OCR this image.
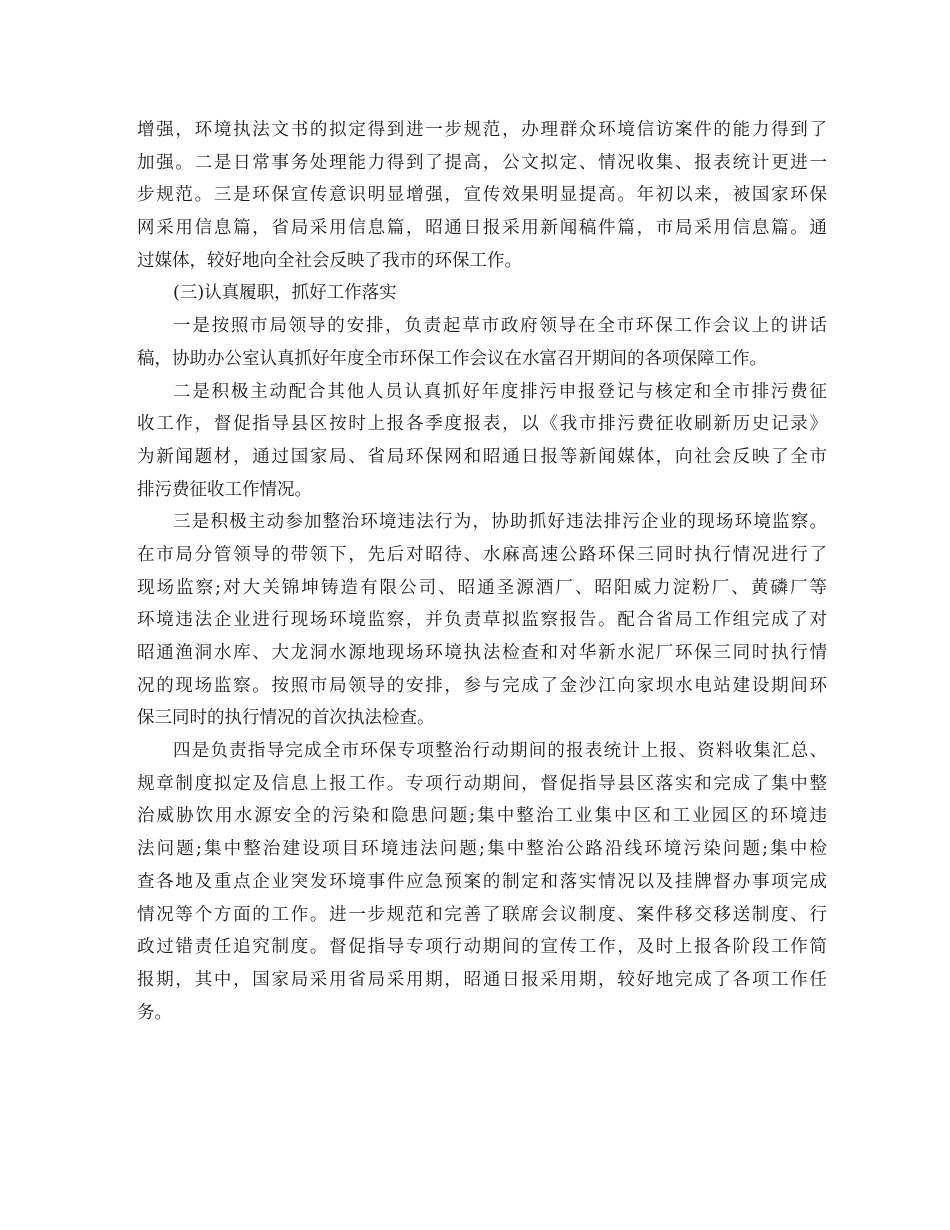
增强，环境执法文书的拟定得到进一步规范，办理群众环境信访案件的能力得到了
加强。二是日常事务处理能力得到了提高，公文拟定、情况收集、报表统计更进一
步规范。三是环保宣传意识明显增强，宣传效果明显提高。年初以来，被国家环保
网采用信息篇，省局采用信息篇，昭通日报采用新闻稿件篇，市局采用信息篇。通
过媒体，较好地向全社会反映了我市的环保工作。
(三)认真履职，抓好工作落实
一是按照市局领导的安排，负责起草市政府领导在全市环保工作会议上的讲话
稿，协助办公室认真抓好年度全市环保工作会议在水富召开期间的各项保障工作。
二是积极主动配合其他人员认真抓好年度排污申报登记与核定和全市排污费征
收工作，督促指导县区按时上报各季度报表，以《我市排污费征收刷新历史记录》
为新闻题材，通过国家局、省局环保网和昭通日报等新闻媒体，向社会反映了全市
排污费征收工作情况。
三是积极主动参加整治环境违法行为，协助抓好违法排污企业的现场环境监察。
在市局分管领导的带领下，先后对昭待、水麻高速公路环保三同时执行情况进行了
现场监察;对大关锦坤铸造有限公司、昭通圣源酒厂、昭阳威力淀粉厂、黄磷厂等
环境违法企业进行现场环境监察，并负责草拟监察报告。配合省局工作组完成了对
昭通渔洞水库、大龙洞水源地现场环境执法检查和对华新水泥厂环保三同时执行情
况的现场监察。按照市局领导的安排，参与完成了金沙江向家坝水电站建设期间环
保三同时的执行情况的首次执法检查。
四是负责指导完成全市环保专项整治行动期间的报表统计上报、资料收集汇总、
规章制度拟定及信息上报工作。专项行动期间，督促指导县区落实和完成了集中整
治威胁饮用水源安全的污染和隐患问题;集中整治工业集中区和工业园区的环境违
法问题;集中整治建设项目环境违法问题;集中整治公路沿线环境污染问题;集中检
查各地及重点企业突发环境事件应急预案的制定和落实情况以及挂牌督办事项完成
情况等个方面的工作。进一步规范和完善了联席会议制度、案件移交移送制度、行
政过错责任追究制度。督促指导专项行动期间的宣传工作，及时上报各阶段工作简
报期，其中，国家局采用省局采用期，昭通日报采用期，较好地完成了各项工作任
务。
